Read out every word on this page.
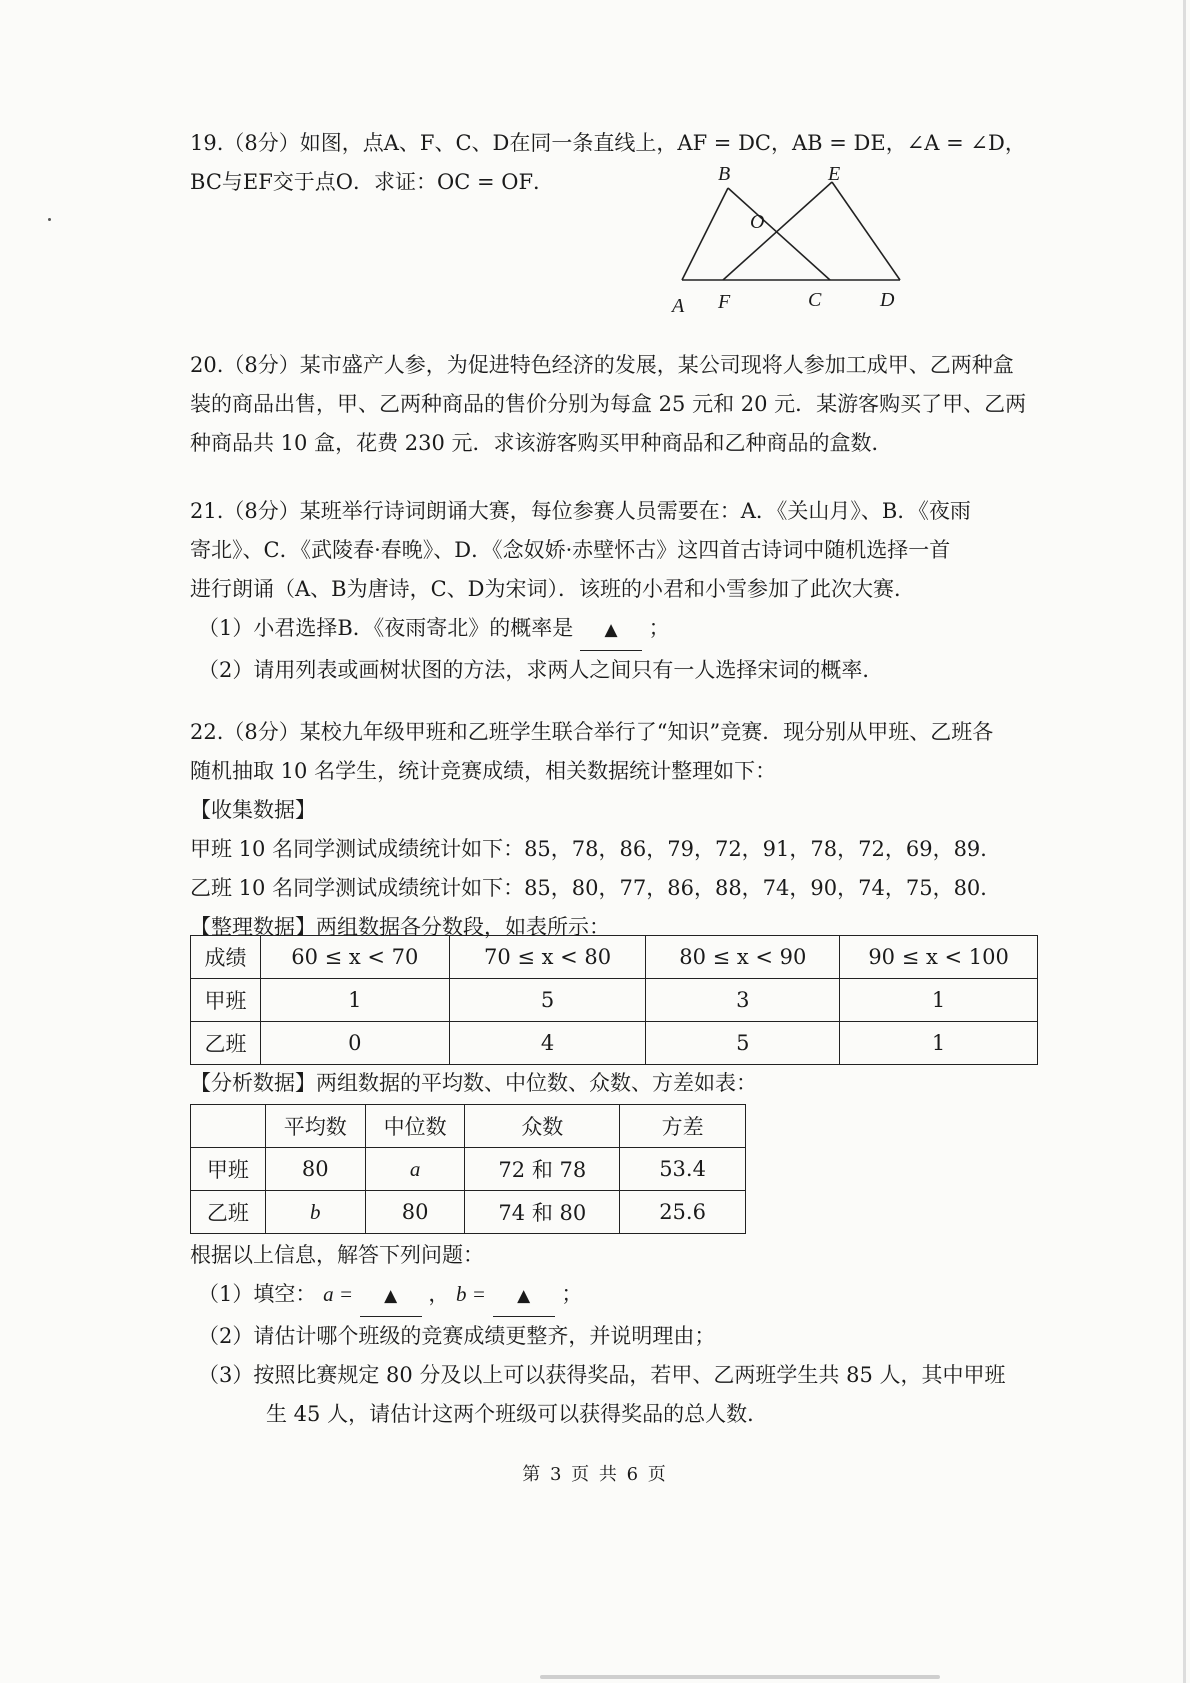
19.（8分）如图，点A、F、C、D在同一条直线上，AF = DC，AB = DE，∠A = ∠D，
BC与EF交于点O．求证：OC = OF．	B	E
O
A F	C	D
20.（8分）某市盛产人参，为促进特色经济的发展，某公司现将人参加工成甲、乙两种盒
装的商品出售，甲、乙两种商品的售价分别为每盒 25 元和 20 元．某游客购买了甲、乙两
种商品共 10 盒，花费 230 元．求该游客购买甲种商品和乙种商品的盒数．
21.（8分）某班举行诗词朗诵大赛，每位参赛人员需要在：A．《关山月》、B．《夜雨
寄北》、C．《武陵春·春晚》、D．《念奴娇·赤壁怀古》这四首古诗词中随机选择一首
进行朗诵（A、B为唐诗，C、D为宋词）．该班的小君和小雪参加了此次大赛．
（1）小君选择B．《夜雨寄北》的概率是 ▲ ；
（2）请用列表或画树状图的方法，求两人之间只有一人选择宋词的概率．
22.（8分）某校九年级甲班和乙班学生联合举行了“知识”竞赛．现分别从甲班、乙班各
随机抽取 10 名学生，统计竞赛成绩，相关数据统计整理如下：
【收集数据】
甲班 10 名同学测试成绩统计如下：85，78，86，79，72，91，78，72，69，89．
乙班 10 名同学测试成绩统计如下：85，80，77，86，88，74，90，74，75，80．
【整理数据】两组数据各分数段，如表所示：
成绩	60 ≤ x < 70	70 ≤ x < 80	80 ≤ x < 90	90 ≤ x < 100
甲班	1	5	3	1
乙班	0	4	5	1
【分析数据】两组数据的平均数、中位数、众数、方差如表：
	平均数	中位数	众数	方差
甲班	80	a	72 和 78	53.4
乙班	b	80	74 和 80	25.6
根据以上信息，解答下列问题：
（1）填空： a = ▲ ， b = ▲ ；
（2）请估计哪个班级的竞赛成绩更整齐，并说明理由；
（3）按照比赛规定 80 分及以上可以获得奖品，若甲、乙两班学生共 85 人，其中甲班
生 45 人，请估计这两个班级可以获得奖品的总人数．
第 3 页 共 6 页
